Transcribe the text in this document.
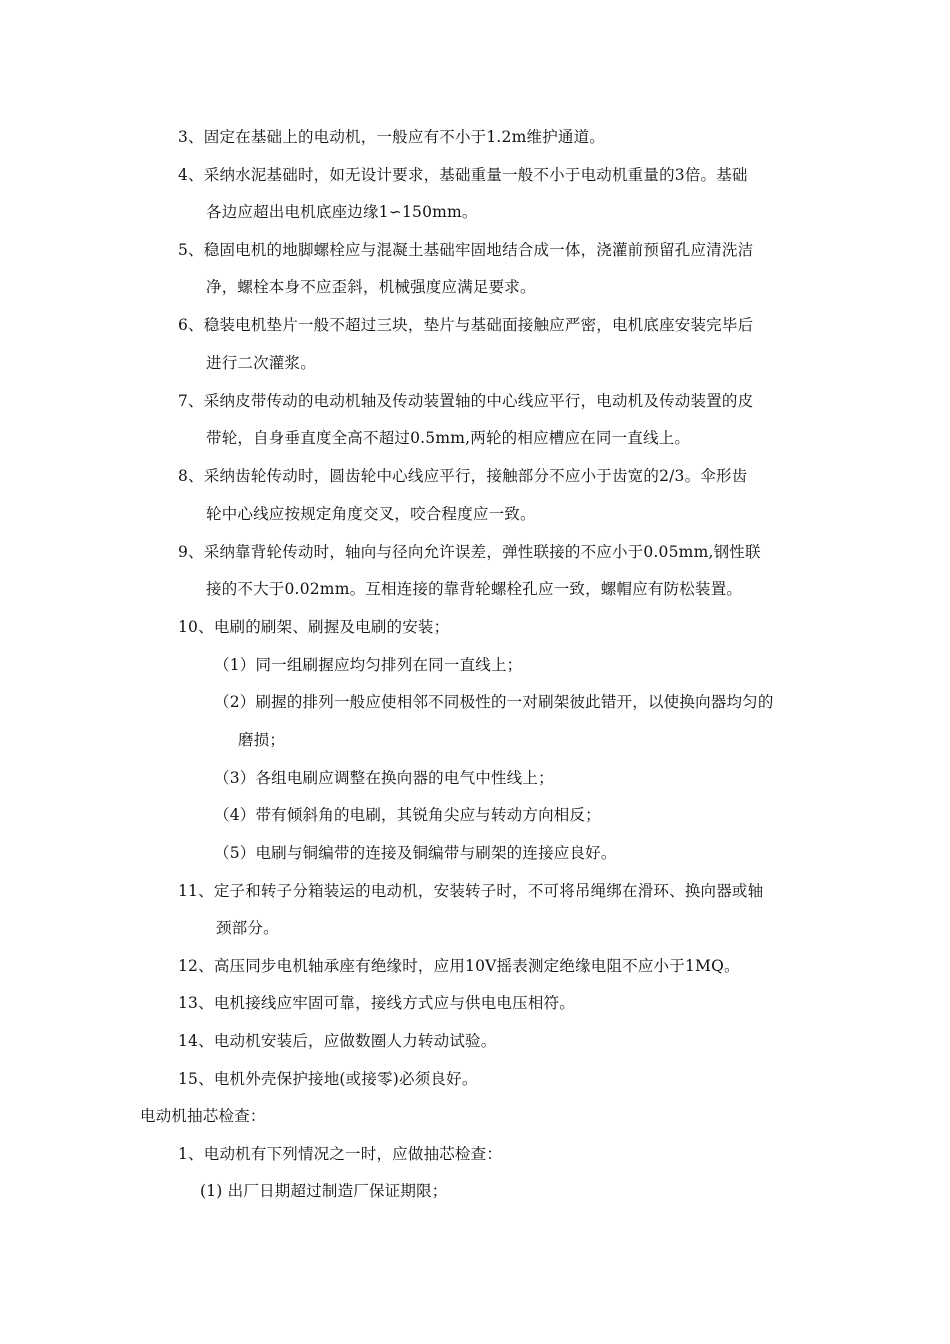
3、固定在基础上的电动机，一般应有不小于1.2m维护通道。
4、采纳水泥基础时，如无设计要求，基础重量一般不小于电动机重量的3倍。基础
各边应超出电机底座边缘1∽150mm。
5、稳固电机的地脚螺栓应与混凝土基础牢固地结合成一体，浇灌前预留孔应清洗洁
净，螺栓本身不应歪斜，机械强度应满足要求。
6、稳装电机垫片一般不超过三块，垫片与基础面接触应严密，电机底座安装完毕后
进行二次灌浆。
7、采纳皮带传动的电动机轴及传动装置轴的中心线应平行，电动机及传动装置的皮
带轮，自身垂直度全高不超过0.5mm,两轮的相应槽应在同一直线上。
8、采纳齿轮传动时，圆齿轮中心线应平行，接触部分不应小于齿宽的2/3。伞形齿
轮中心线应按规定角度交叉，咬合程度应一致。
9、采纳靠背轮传动时，轴向与径向允许误差，弹性联接的不应小于0.05mm,钢性联
接的不大于0.02mm。互相连接的靠背轮螺栓孔应一致，螺帽应有防松装置。
10、电刷的刷架、刷握及电刷的安装；
（1）同一组刷握应均匀排列在同一直线上；
（2）刷握的排列一般应使相邻不同极性的一对刷架彼此错开，以使换向器均匀的
磨损；
（3）各组电刷应调整在换向器的电气中性线上；
（4）带有倾斜角的电刷，其锐角尖应与转动方向相反；
（5）电刷与铜编带的连接及铜编带与刷架的连接应良好。
11、定子和转子分箱装运的电动机，安装转子时，不可将吊绳绑在滑环、换向器或轴
颈部分。
12、高压同步电机轴承座有绝缘时，应用10V摇表测定绝缘电阻不应小于1MQ。
13、电机接线应牢固可靠，接线方式应与供电电压相符。
14、电动机安装后，应做数圈人力转动试验。
15、电机外壳保护接地(或接零)必须良好。
电动机抽芯检查：
1、电动机有下列情况之一时，应做抽芯检查：
(1) 出厂日期超过制造厂保证期限；
